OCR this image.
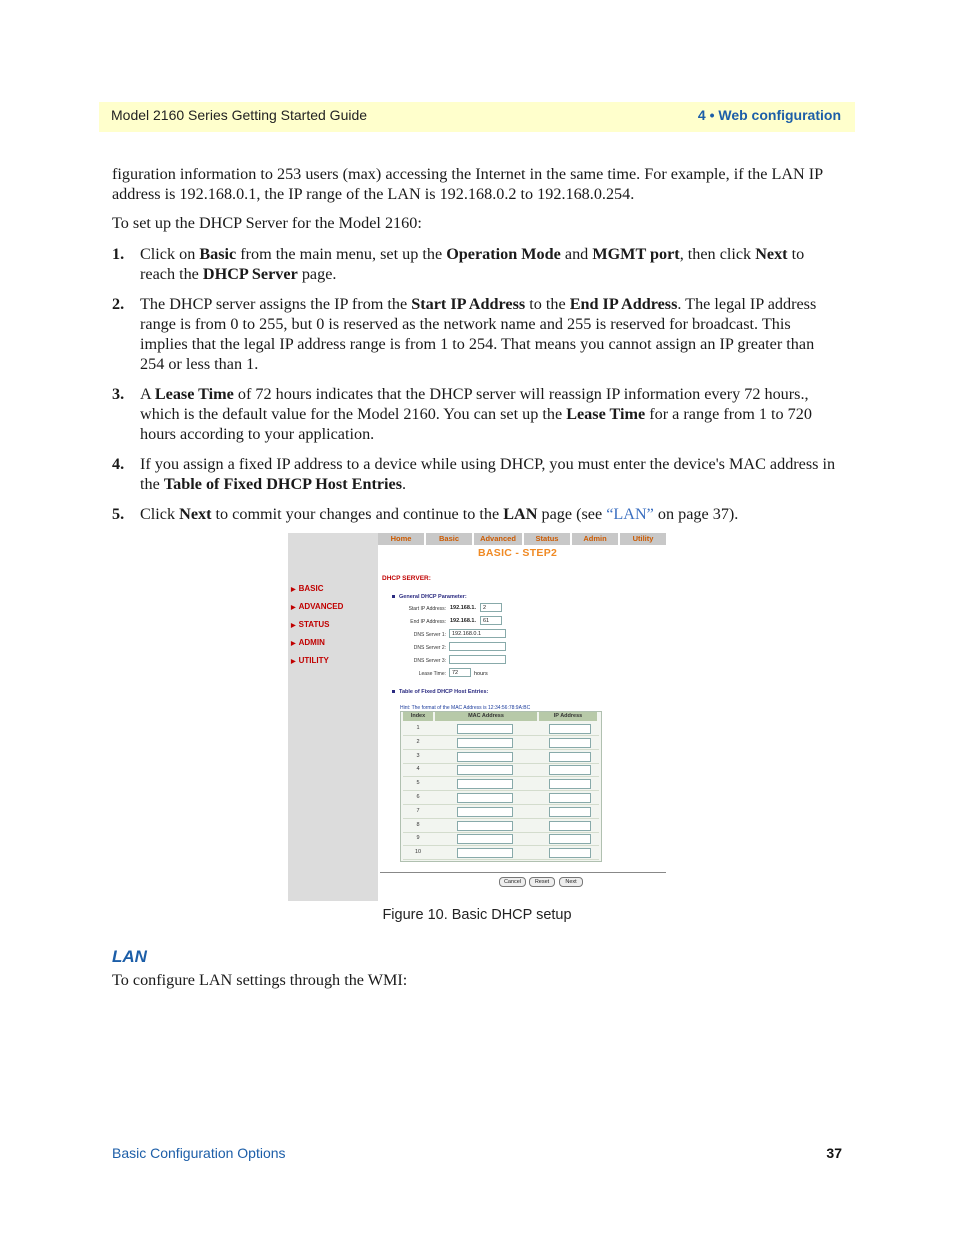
Model 2160 Series Getting Started Guide	4 • Web configuration
figuration information to 253 users (max) accessing the Internet in the same time. For example, if the LAN IP address is 192.168.0.1, the IP range of the LAN is 192.168.0.2 to 192.168.0.254.
To set up the DHCP Server for the Model 2160:
1. Click on Basic from the main menu, set up the Operation Mode and MGMT port, then click Next to reach the DHCP Server page.
2. The DHCP server assigns the IP from the Start IP Address to the End IP Address. The legal IP address range is from 0 to 255, but 0 is reserved as the network name and 255 is reserved for broadcast. This implies that the legal IP address range is from 1 to 254. That means you cannot assign an IP greater than 254 or less than 1.
3. A Lease Time of 72 hours indicates that the DHCP server will reassign IP information every 72 hours., which is the default value for the Model 2160. You can set up the Lease Time for a range from 1 to 720 hours according to your application.
4. If you assign a fixed IP address to a device while using DHCP, you must enter the device's MAC address in the Table of Fixed DHCP Host Entries.
5. Click Next to commit your changes and continue to the LAN page (see “LAN” on page 37).
Home	Basic	Advanced	Status	Admin	Utility
BASIC - STEP2
▶ BASIC
▶ ADVANCED
▶ STATUS
▶ ADMIN
▶ UTILITY
DHCP SERVER:
General DHCP Parameter:
Start IP Address: 192.168.1.	2
End IP Address: 192.168.1.	61
DNS Server 1:	192.168.0.1
DNS Server 2:
DNS Server 3:
Lease Time:	72	hours
Table of Fixed DHCP Host Entries:
Hint: The format of the MAC Address is 12:34:56:78:9A:BC
Index	MAC Address	IP Address
1
2
3
4
5
6
7
8
9
10
Cancel	Reset	Next
Figure 10. Basic DHCP setup
LAN
To configure LAN settings through the WMI:
Basic Configuration Options	37
